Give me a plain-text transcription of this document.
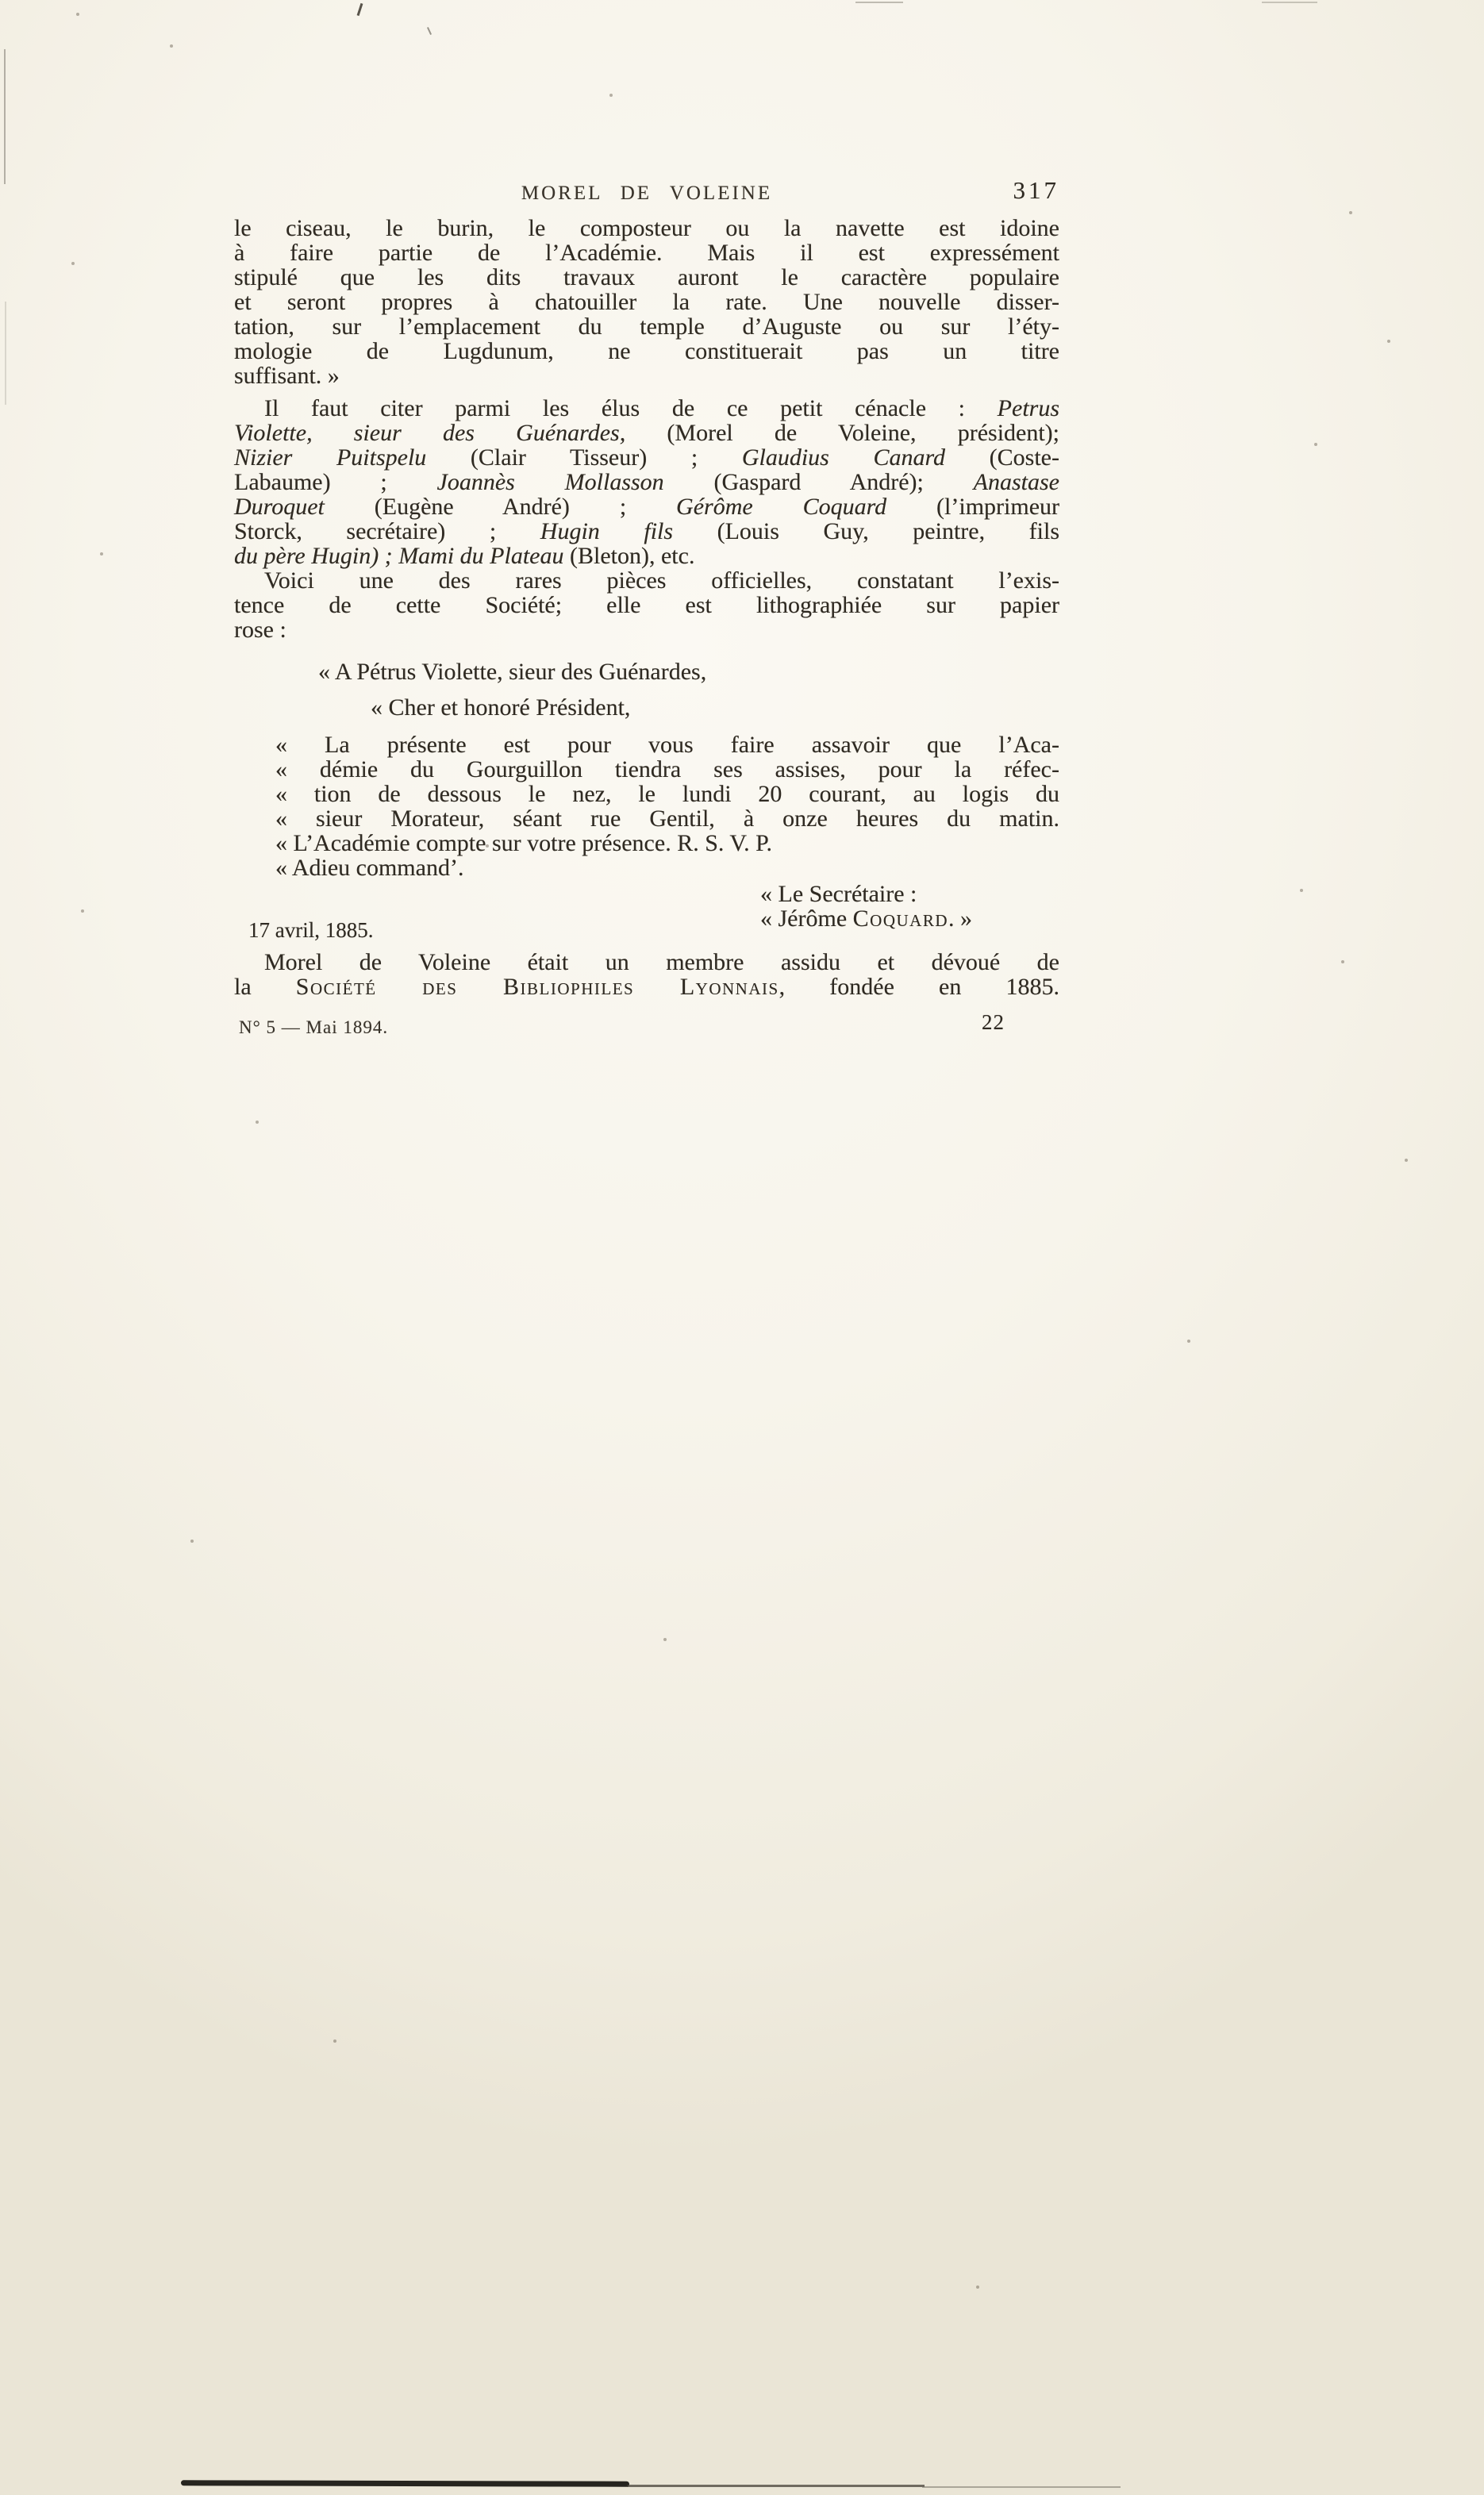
MOREL DE VOLEINE	317
le ciseau, le burin, le composteur ou la navette est idoine
à faire partie de l’Académie. Mais il est expressément
stipulé que les dits travaux auront le caractère populaire
et seront propres à chatouiller la rate. Une nouvelle disser-
tation, sur l’emplacement du temple d’Auguste ou sur l’éty-
mologie de Lugdunum, ne constituerait pas un titre
suffisant. »
Il faut citer parmi les élus de ce petit cénacle : Petrus
Violette, sieur des Guénardes, (Morel de Voleine, président);
Nizier Puitspelu (Clair Tisseur) ; Glaudius Canard (Coste-
Labaume) ; Joannès Mollasson (Gaspard André); Anastase
Duroquet (Eugène André) ; Gérôme Coquard (l’imprimeur
Storck, secrétaire) ; Hugin fils (Louis Guy, peintre, fils
du père Hugin) ; Mami du Plateau (Bleton), etc.
Voici une des rares pièces officielles, constatant l’exis-
tence de cette Société; elle est lithographiée sur papier
rose :
« A Pétrus Violette, sieur des Guénardes,
« Cher et honoré Président,
« La présente est pour vous faire assavoir que l’Aca-
« démie du Gourguillon tiendra ses assises, pour la réfec-
« tion de dessous le nez, le lundi 20 courant, au logis du
« sieur Morateur, séant rue Gentil, à onze heures du matin.
« L’Académie compte sur votre présence. R. S. V. P.
« Adieu command’.
« Le Secrétaire :
« Jérôme Coquard. »
17 avril, 1885.
Morel de Voleine était un membre assidu et dévoué de
la Société des Bibliophiles Lyonnais, fondée en 1885.
N° 5 — Mai 1894.	22
